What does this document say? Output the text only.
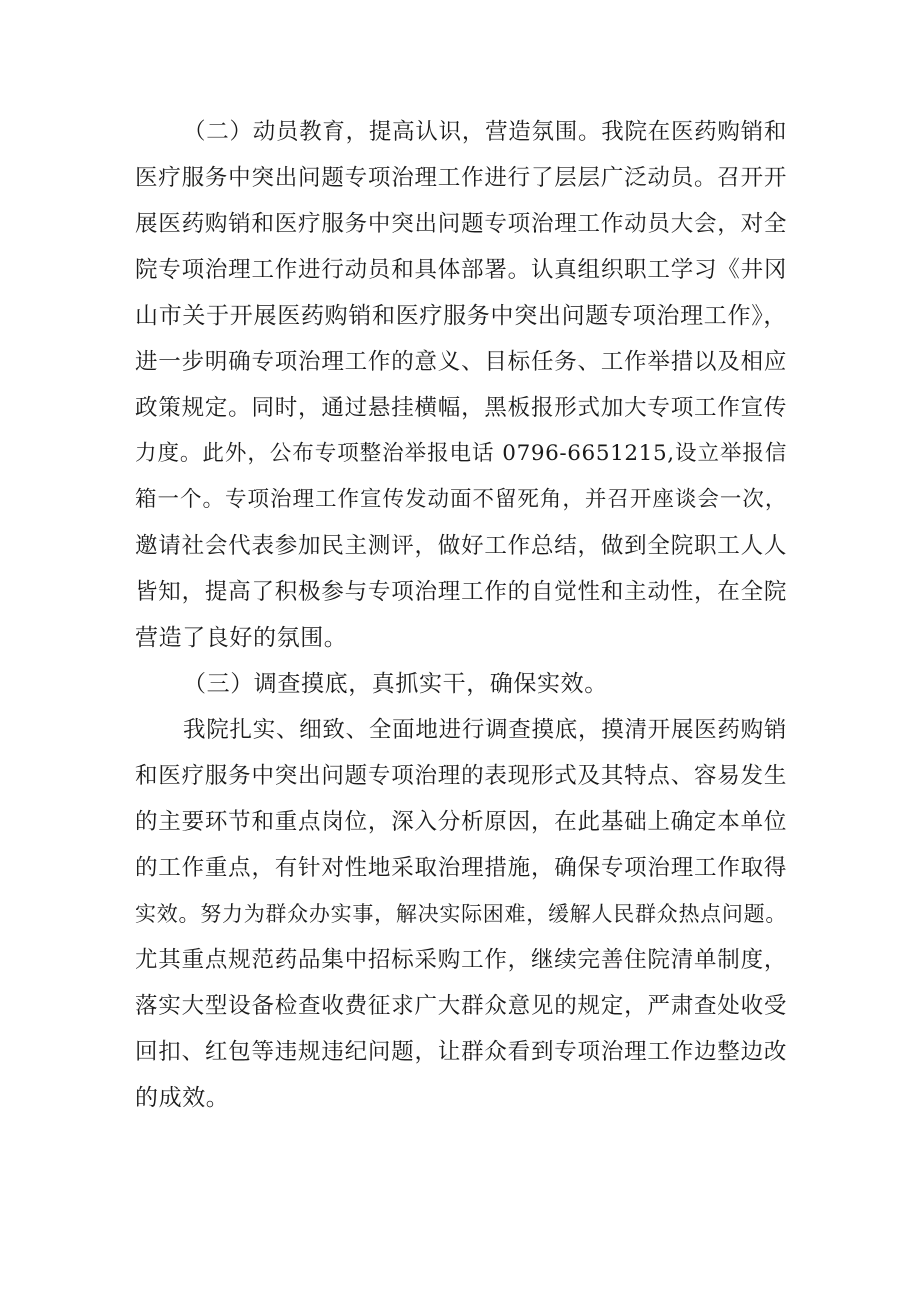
（二）动员教育，提高认识，营造氛围。我院在医药购销和
医疗服务中突出问题专项治理工作进行了层层广泛动员。召开开
展医药购销和医疗服务中突出问题专项治理工作动员大会，对全
院专项治理工作进行动员和具体部署。认真组织职工学习《井冈
山市关于开展医药购销和医疗服务中突出问题专项治理工作》，
进一步明确专项治理工作的意义、目标任务、工作举措以及相应
政策规定。同时，通过悬挂横幅，黑板报形式加大专项工作宣传
力度。此外，公布专项整治举报电话 0796-6651215,设立举报信
箱一个。专项治理工作宣传发动面不留死角，并召开座谈会一次，
邀请社会代表参加民主测评，做好工作总结，做到全院职工人人
皆知，提高了积极参与专项治理工作的自觉性和主动性，在全院
营造了良好的氛围。
（三）调查摸底，真抓实干，确保实效。
我院扎实、细致、全面地进行调查摸底，摸清开展医药购销
和医疗服务中突出问题专项治理的表现形式及其特点、容易发生
的主要环节和重点岗位，深入分析原因，在此基础上确定本单位
的工作重点，有针对性地采取治理措施，确保专项治理工作取得
实效。努力为群众办实事，解决实际困难，缓解人民群众热点问题。
尤其重点规范药品集中招标采购工作，继续完善住院清单制度，
落实大型设备检查收费征求广大群众意见的规定，严肃查处收受
回扣、红包等违规违纪问题，让群众看到专项治理工作边整边改
的成效。
